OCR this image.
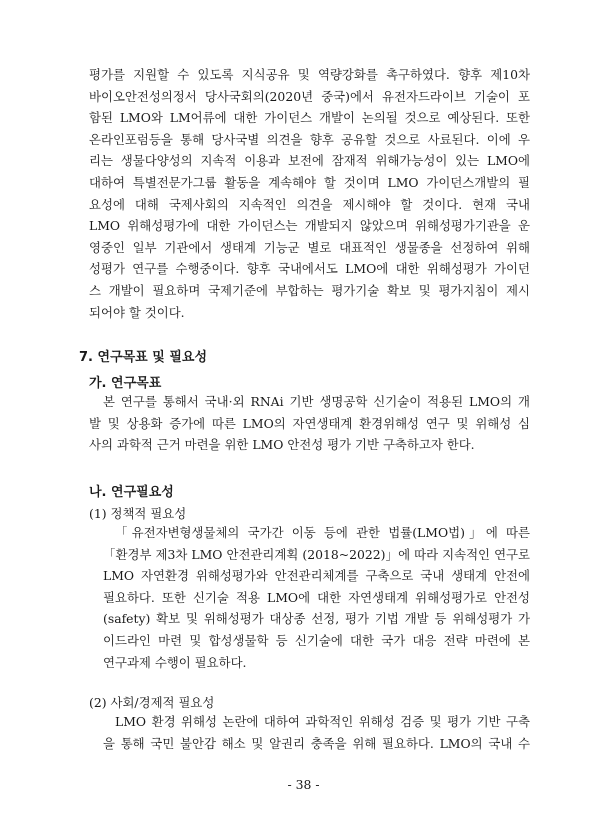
평가를 지원할 수 있도록 지식공유 및 역량강화를 촉구하였다. 향후 제10차
바이오안전성의정서 당사국회의(2020년 중국)에서 유전자드라이브 기술이 포
함된 LMO와 LM어류에 대한 가이던스 개발이 논의될 것으로 예상된다. 또한
온라인포럼등을 통해 당사국별 의견을 향후 공유할 것으로 사료된다. 이에 우
리는 생물다양성의 지속적 이용과 보전에 잠재적 위해가능성이 있는 LMO에
대하여 특별전문가그룹 활동을 계속해야 할 것이며 LMO 가이던스개발의 필
요성에 대해 국제사회의 지속적인 의견을 제시해야 할 것이다. 현재 국내
LMO 위해성평가에 대한 가이던스는 개발되지 않았으며 위해성평가기관을 운
영중인 일부 기관에서 생태계 기능군 별로 대표적인 생물종을 선정하여 위해
성평가 연구를 수행중이다. 향후 국내에서도 LMO에 대한 위해성평가 가이던
스 개발이 필요하며 국제기준에 부합하는 평가기술 확보 및 평가지침이 제시
되어야 할 것이다.
7. 연구목표 및 필요성
가. 연구목표
본 연구를 통해서 국내·외 RNAi 기반 생명공학 신기술이 적용된 LMO의 개
발 및 상용화 증가에 따른 LMO의 자연생태계 환경위해성 연구 및 위해성 심
사의 과학적 근거 마련을 위한 LMO 안전성 평가 기반 구축하고자 한다.
나. 연구필요성

(1) 정책적 필요성

「유전자변형생물체의 국가간 이동 등에 관한 법률(LMO법)」에 따른
「환경부 제3차 LMO 안전관리계획 (2018~2022)」에 따라 지속적인 연구로
LMO 자연환경 위해성평가와 안전관리체계를 구축으로 국내 생태계 안전에
필요하다. 또한 신기술 적용 LMO에 대한 자연생태계 위해성평가로 안전성
(safety) 확보 및 위해성평가 대상종 선정, 평가 기법 개발 등 위해성평가 가
이드라인 마련 및 합성생물학 등 신기술에 대한 국가 대응 전략 마련에 본
연구과제 수행이 필요하다.

(2) 사회/경제적 필요성

LMO 환경 위해성 논란에 대하여 과학적인 위해성 검증 및 평가 기반 구축
을 통해 국민 불안감 해소 및 알권리 충족을 위해 필요하다. LMO의 국내 수
- 38 -
